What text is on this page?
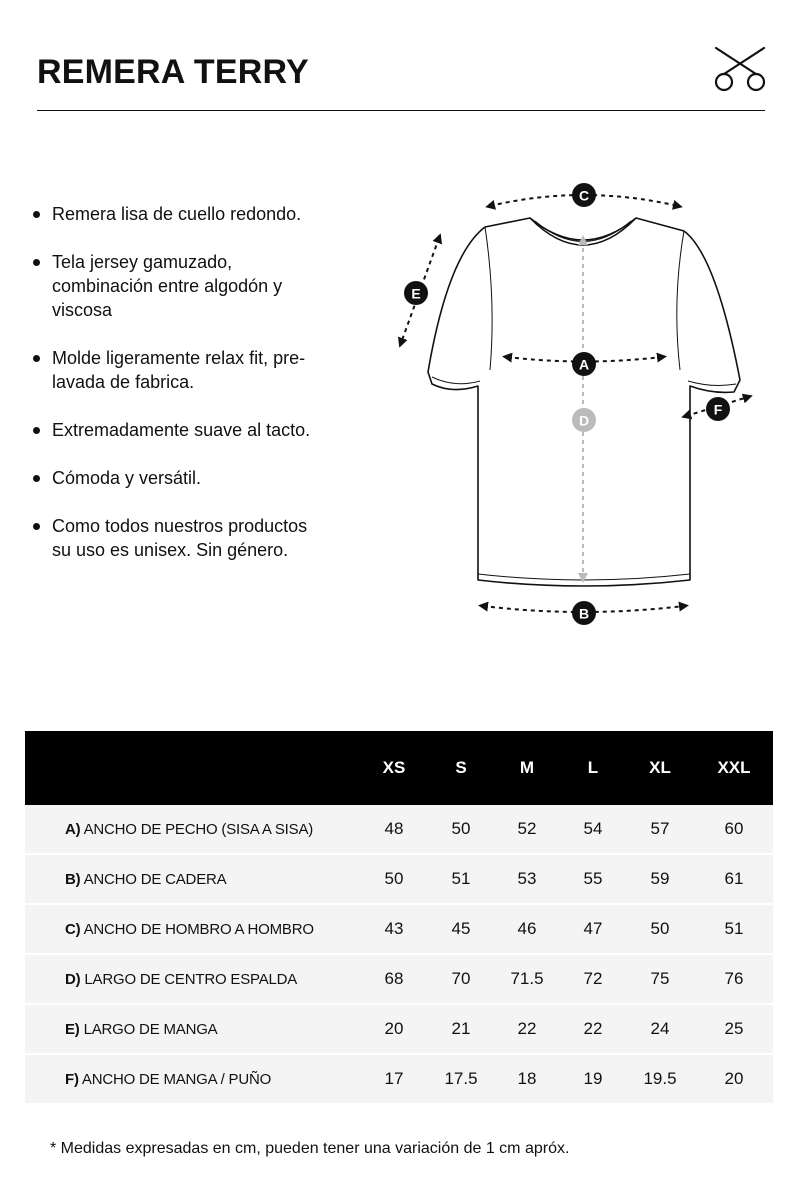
REMERA TERRY
Remera lisa de cuello redondo.
Tela jersey gamuzado, combinación entre algodón y viscosa
Molde ligeramente relax fit, pre-lavada de fabrica.
Extremadamente suave al tacto.
Cómoda y versátil.
Como todos nuestros productos su uso es unisex. Sin género.
C
A
D
B
E
F
	XS	S	M	L	XL	XXL
A) ANCHO DE PECHO (SISA A SISA)	48	50	52	54	57	60
B) ANCHO DE CADERA	50	51	53	55	59	61
C) ANCHO DE HOMBRO A HOMBRO	43	45	46	47	50	51
D) LARGO DE CENTRO ESPALDA	68	70	71.5	72	75	76
E) LARGO DE MANGA	20	21	22	22	24	25
F) ANCHO DE MANGA / PUÑO	17	17.5	18	19	19.5	20
* Medidas expresadas en cm, pueden tener una variación de 1 cm apróx.
